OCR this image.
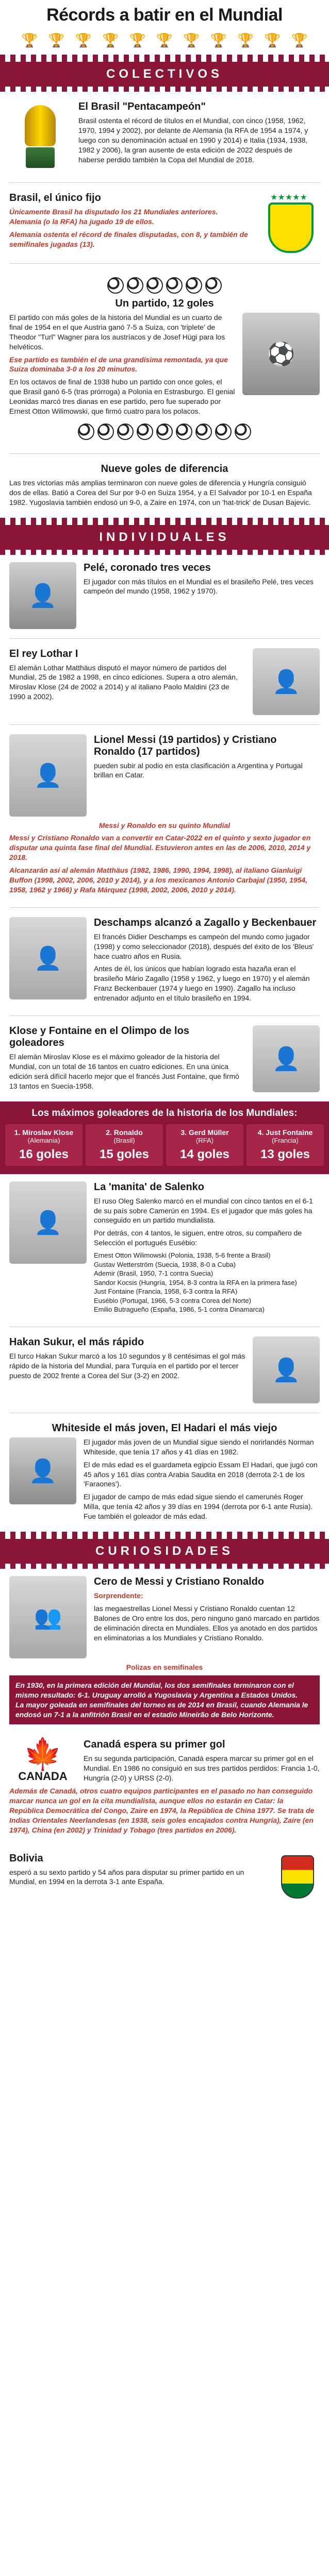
Récords a batir en el Mundial
🏆 🏆 🏆 🏆 🏆 🏆 🏆 🏆 🏆 🏆 🏆
COLECTIVOS
El Brasil "Pentacampeón"

Brasil ostenta el récord de títulos en el Mundial, con cinco (1958, 1962, 1970, 1994 y 2002), por delante de Alemania (la RFA de 1954 a 1974, y luego con su denominación actual en 1990 y 2014) e Italia (1934, 1938, 1982 y 2006), la gran ausente de esta edición de 2022 después de haberse perdido también la Copa del Mundial de 2018.

Brasil, el único fijo

Únicamente Brasil ha disputado los 21 Mundiales anteriores. Alemania (o la RFA) ha jugado 19 de ellos.

Alemania ostenta el récord de finales disputadas, con 8, y también de semifinales jugadas (13).

★★★★★
Un partido, 12 goles

El partido con más goles de la historia del Mundial es un cuarto de final de 1954 en el que Austria ganó 7-5 a Suiza, con 'triplete' de Theodor "Turl" Wagner para los austríacos y de Josef Hügi para los helvéticos.

Ese partido es también el de una grandísima remontada, ya que Suiza dominaba 3-0 a los 20 minutos.

En los octavos de final de 1938 hubo un partido con once goles, el que Brasil ganó 6-5 (tras prórroga) a Polonia en Estrasburgo. El genial Leonidas marcó tres dianas en ese partido, pero fue superado por Ernest Otton Wilimowski, que firmó cuatro para los polacos.

⚽
Nueve goles de diferencia

Las tres victorias más amplias terminaron con nueve goles de diferencia y Hungría consiguió dos de ellas. Batió a Corea del Sur por 9-0 en Suiza 1954, y a El Salvador por 10-1 en España 1982. Yugoslavia también endosó un 9-0, a Zaire en 1974, con un 'hat-trick' de Dusan Bajevic.

INDIVIDUALES
👤
Pelé, coronado tres veces

El jugador con más títulos en el Mundial es el brasileño Pelé, tres veces campeón del mundo (1958, 1962 y 1970).

El rey Lothar I

El alemán Lothar Matthäus disputó el mayor número de partidos del Mundial, 25 de 1982 a 1998, en cinco ediciones. Supera a otro alemán, Miroslav Klose (24 de 2002 a 2014) y al italiano Paolo Maldini (23 de 1990 a 2002).

👤
👤
Lionel Messi (19 partidos) y Cristiano Ronaldo (17 partidos)

pueden subir al podio en esta clasificación a Argentina y Portugal brillan en Catar.

Messi y Ronaldo en su quinto Mundial

Messi y Cristiano Ronaldo van a convertir en Catar-2022 en el quinto y sexto jugador en disputar una quinta fase final del Mundial. Estuvieron antes en las de 2006, 2010, 2014 y 2018.

Alcanzarán así al alemán Matthäus (1982, 1986, 1990, 1994, 1998), al italiano Gianluigi Buffon (1998, 2002, 2006, 2010 y 2014), y a los mexicanos Antonio Carbajal (1950, 1954, 1958, 1962 y 1966) y Rafa Márquez (1998, 2002, 2006, 2010 y 2014).

👤
Deschamps alcanzó a Zagallo y Beckenbauer

El francés Didier Deschamps es campeón del mundo como jugador (1998) y como seleccionador (2018), después del éxito de los 'Bleus' hace cuatro años en Rusia.

Antes de él, los únicos que habían logrado esta hazaña eran el brasileño Mário Zagallo (1958 y 1962, y luego en 1970) y el alemán Franz Beckenbauer (1974 y luego en 1990). Zagallo ha incluso entrenador adjunto en el título brasileño en 1994.

Klose y Fontaine en el Olimpo de los goleadores

El alemán Miroslav Klose es el máximo goleador de la historia del Mundial, con un total de 16 tantos en cuatro ediciones. En una única edición será difícil hacerlo mejor que el francés Just Fontaine, que firmó 13 tantos en Suecia-1958.

👤
Los máximos goleadores de la historia de los Mundiales:
1. Miroslav Klose
(Alemania)
16 goles
2. Ronaldo
(Brasil)
15 goles
3. Gerd Müller
(RFA)
14 goles
4. Just Fontaine
(Francia)
13 goles
👤
La 'manita' de Salenko

El ruso Oleg Salenko marcó en el mundial con cinco tantos en el 6-1 de su país sobre Camerún en 1994. Es el jugador que más goles ha conseguido en un partido mundialista.

Por detrás, con 4 tantos, le siguen, entre otros, su compañero de Selección el portugués Eusébio:

Ernest Otton Wilimowski (Polonia, 1938, 5-6 frente a Brasil)
Gustav Wetterström (Suecia, 1938, 8-0 a Cuba)
Ademir (Brasil, 1950, 7-1 contra Suecia)
Sandor Kocsis (Hungría, 1954, 8-3 contra la RFA en la primera fase)
Just Fontaine (Francia, 1958, 6-3 contra la RFA)
Eusébio (Portugal, 1966, 5-3 contra Corea del Norte)
Emilio Butragueño (España, 1986, 5-1 contra Dinamarca)

Hakan Sukur, el más rápido

El turco Hakan Sukur marcó a los 10 segundos y 8 centésimas el gol más rápido de la historia del Mundial, para Turquía en el partido por el tercer puesto de 2002 frente a Corea del Sur (3-2) en 2002.	👤
Whiteside el más joven, El Hadari el más viejo
👤

El jugador más joven de un Mundial sigue siendo el norirlandés Norman Whiteside, que tenía 17 años y 41 días en 1982.

El de más edad es el guardameta egipcio Essam El Hadari, que jugó con 45 años y 161 días contra Arabia Saudita en 2018 (derrota 2-1 de los 'Faraones').

El jugador de campo de más edad sigue siendo el camerunés Roger Milla, que tenía 42 años y 39 días en 1994 (derrota por 6-1 ante Rusia). Fue también el goleador de más edad.

CURIOSIDADES
👥
Cero de Messi y Cristiano Ronaldo

Sorprendente:

las megaestrellas Lionel Messi y Cristiano Ronaldo cuentan 12 Balones de Oro entre los dos, pero ninguno ganó marcado en partidos de eliminación directa en Mundiales. Ellos ya anotado en dos partidos en eliminatorias a los Mundiales y Cristiano Ronaldo.

Polizas en semifinales

En 1930, en la primera edición del Mundial, los dos semifinales terminaron con el mismo resultado: 6-1. Uruguay arrolló a Yugoslavia y Argentina a Estados Unidos.
La mayor goleada en semifinales del torneo es de 2014 en Brasil, cuando Alemania le endosó un 7-1 a la anfitrión Brasil en el estadio Mineirão de Belo Horizonte.
🍁
CANADA
Canadá espera su primer gol

En su segunda participación, Canadá espera marcar su primer gol en el Mundial. En 1986 no consiguió en sus tres partidos perdidos: Francia 1-0, Hungría (2-0) y URSS (2-0).

Además de Canadá, otros cuatro equipos participantes en el pasado no han conseguido marcar nunca un gol en la cita mundialista, aunque ellos no estarán en Catar: la República Democrática del Congo, Zaire en 1974, la República de China 1977. Se trata de Indias Orientales Neerlandesas (en 1938, seis goles encajados contra Hungría), Zaire (en 1974), China (en 2002) y Trinidad y Tobago (tres partidos en 2006).

Bolivia

esperó a su sexto partido y 54 años para disputar su primer partido en un Mundial, en 1994 en la derrota 3-1 ante España.
